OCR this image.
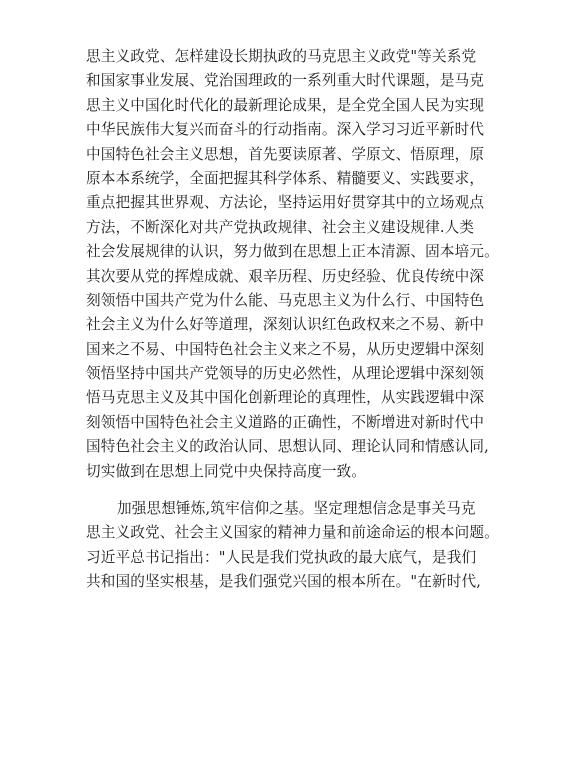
思主义政党、怎样建设长期执政的马克思主义政党"等关系党
和国家事业发展、党治国理政的一系列重大时代课题，是马克
思主义中国化时代化的最新理论成果，是全党全国人民为实现
中华民族伟大复兴而奋斗的行动指南。深入学习习近平新时代
中国特色社会主义思想，首先要读原著、学原文、悟原理，原
原本本系统学，全面把握其科学体系、精髓要义、实践要求，
重点把握其世界观、方法论，坚持运用好贯穿其中的立场观点
方法，不断深化对共产党执政规律、社会主义建设规律.人类
社会发展规律的认识，努力做到在思想上正本清源、固本培元。
其次要从党的挥煌成就、艰辛历程、历史经验、优良传统中深
刻领悟中国共产党为什么能、马克思主义为什么行、中国特色
社会主义为什么好等道理，深刻认识红色政权来之不易、新中
国来之不易、中国特色社会主义来之不易，从历史逻辑中深刻
领悟坚持中国共产党领导的历史必然性，从理论逻辑中深刻领
悟马克思主义及其中国化创新理论的真理性，从实践逻辑中深
刻领悟中国特色社会主义道路的正确性，不断增进对新时代中
国特色社会主义的政治认同、思想认同、理论认同和情感认同,
切实做到在思想上同党中央保持高度一致。
加强思想锤炼,筑牢信仰之基。坚定理想信念是事关马克
思主义政党、社会主义国家的精神力量和前途命运的根本问题。
习近平总书记指出："人民是我们党执政的最大底气，是我们
共和国的坚实根基，是我们强党兴国的根本所在。"在新时代,
